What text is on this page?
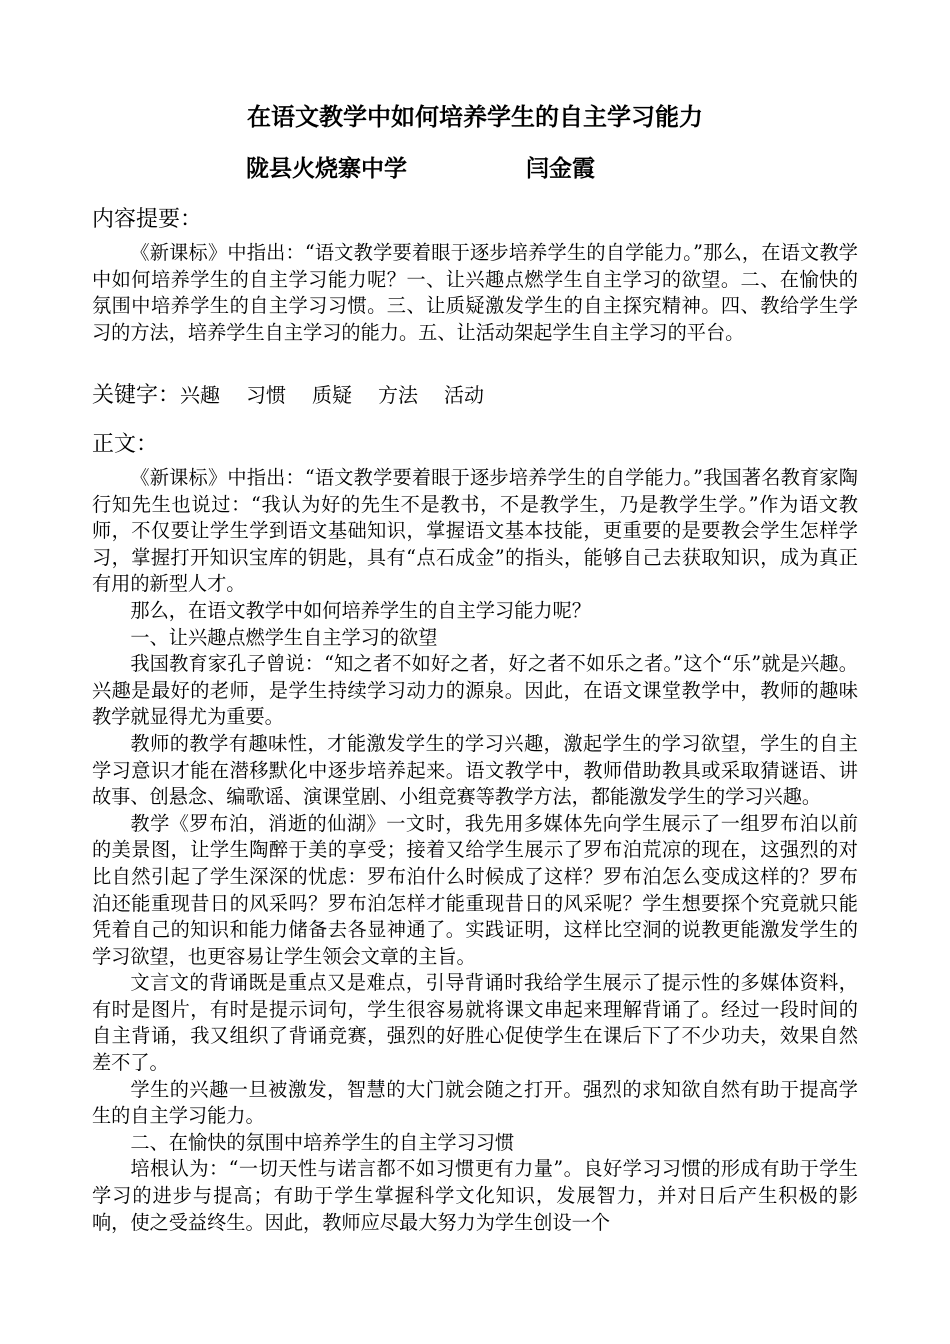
在语文教学中如何培养学生的自主学习能力
陇县火烧寨中学	闫金霞
内容提要：

《新课标》中指出：“语文教学要着眼于逐步培养学生的自学能力。”那么，在语文教学中如何培养学生的自主学习能力呢？一、让兴趣点燃学生自主学习的欲望。二、在愉快的氛围中培养学生的自主学习习惯。三、让质疑激发学生的自主探究精神。四、教给学生学习的方法，培养学生自主学习的能力。五、让活动架起学生自主学习的平台。

关键字： 兴趣 习惯 质疑 方法 活动
正文：

《新课标》中指出：“语文教学要着眼于逐步培养学生的自学能力。”我国著名教育家陶行知先生也说过：“我认为好的先生不是教书，不是教学生，乃是教学生学。”作为语文教师，不仅要让学生学到语文基础知识，掌握语文基本技能，更重要的是要教会学生怎样学习，掌握打开知识宝库的钥匙，具有“点石成金”的指头，能够自己去获取知识，成为真正有用的新型人才。

那么，在语文教学中如何培养学生的自主学习能力呢？

一、让兴趣点燃学生自主学习的欲望

我国教育家孔子曾说：“知之者不如好之者，好之者不如乐之者。”这个“乐”就是兴趣。兴趣是最好的老师，是学生持续学习动力的源泉。因此，在语文课堂教学中，教师的趣味教学就显得尤为重要。

教师的教学有趣味性，才能激发学生的学习兴趣，激起学生的学习欲望，学生的自主学习意识才能在潜移默化中逐步培养起来。语文教学中，教师借助教具或采取猜谜语、讲故事、创悬念、编歌谣、演课堂剧、小组竞赛等教学方法，都能激发学生的学习兴趣。

教学《罗布泊，消逝的仙湖》一文时，我先用多媒体先向学生展示了一组罗布泊以前的美景图，让学生陶醉于美的享受；接着又给学生展示了罗布泊荒凉的现在，这强烈的对比自然引起了学生深深的忧虑：罗布泊什么时候成了这样？罗布泊怎么变成这样的？罗布泊还能重现昔日的风采吗？罗布泊怎样才能重现昔日的风采呢？学生想要探个究竟就只能凭着自己的知识和能力储备去各显神通了。实践证明，这样比空洞的说教更能激发学生的学习欲望，也更容易让学生领会文章的主旨。

文言文的背诵既是重点又是难点，引导背诵时我给学生展示了提示性的多媒体资料，有时是图片，有时是提示词句，学生很容易就将课文串起来理解背诵了。经过一段时间的自主背诵，我又组织了背诵竞赛，强烈的好胜心促使学生在课后下了不少功夫，效果自然差不了。

学生的兴趣一旦被激发，智慧的大门就会随之打开。强烈的求知欲自然有助于提高学生的自主学习能力。

二、在愉快的氛围中培养学生的自主学习习惯

培根认为：“一切天性与诺言都不如习惯更有力量”。良好学习习惯的形成有助于学生学习的进步与提高；有助于学生掌握科学文化知识，发展智力，并对日后产生积极的影响，使之受益终生。因此，教师应尽最大努力为学生创设一个
